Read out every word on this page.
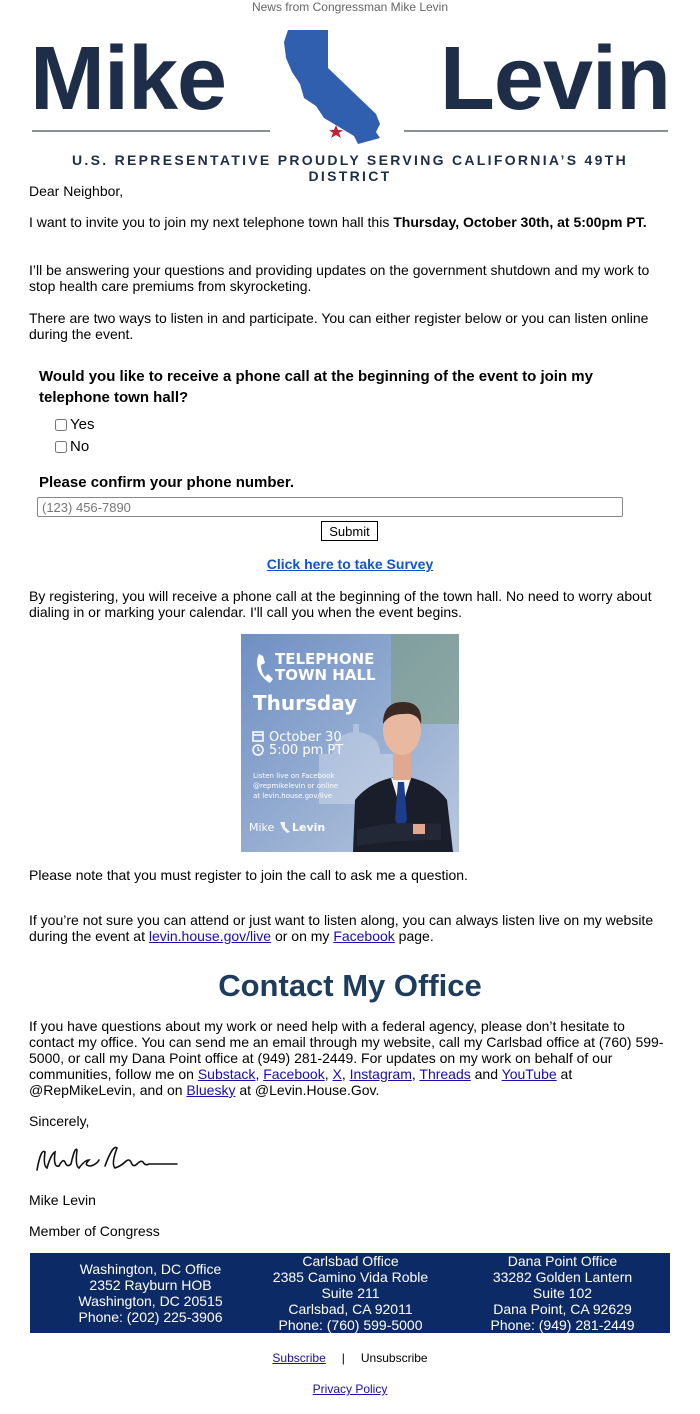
News from Congressman Mike Levin
Mike Levin
U.S. REPRESENTATIVE PROUDLY SERVING CALIFORNIA’S 49TH DISTRICT
Dear Neighbor,
I want to invite you to join my next telephone town hall this Thursday, October 30th, at 5:00pm PT.
I’ll be answering your questions and providing updates on the government shutdown and my work to stop health care premiums from skyrocketing.
There are two ways to listen in and participate. You can either register below or you can listen online during the event.
Would you like to receive a phone call at the beginning of the event to join my telephone town hall?
Yes
No
Please confirm your phone number.
(123) 456-7890
Submit
Click here to take Survey
By registering, you will receive a phone call at the beginning of the town hall. No need to worry about dialing in or marking your calendar. I'll call you when the event begins.
TELEPHONE
TOWN HALL
Thursday
October 30
5:00 pm PT
Listen live on Facebook
@repmikelevin or online
at levin.house.gov/live
Mike Levin
Please note that you must register to join the call to ask me a question.
If you’re not sure you can attend or just want to listen along, you can always listen live on my website during the event at levin.house.gov/live or on my Facebook page.
Contact My Office
If you have questions about my work or need help with a federal agency, please don’t hesitate to contact my office. You can send me an email through my website, call my Carlsbad office at (760) 599-5000, or call my Dana Point office at (949) 281-2449. For updates on my work on behalf of our communities, follow me on Substack, Facebook, X, Instagram, Threads and YouTube at @RepMikeLevin, and on Bluesky at @Levin.House.Gov.
Sincerely,
Mike Levin
Member of Congress
Washington, DC Office
2352 Rayburn HOB
Washington, DC 20515
Phone: (202) 225-3906
Carlsbad Office
2385 Camino Vida Roble
Suite 211
Carlsbad, CA 92011
Phone: (760) 599-5000
Dana Point Office
33282 Golden Lantern
Suite 102
Dana Point, CA 92629
Phone: (949) 281-2449
Subscribe | Unsubscribe
Privacy Policy
